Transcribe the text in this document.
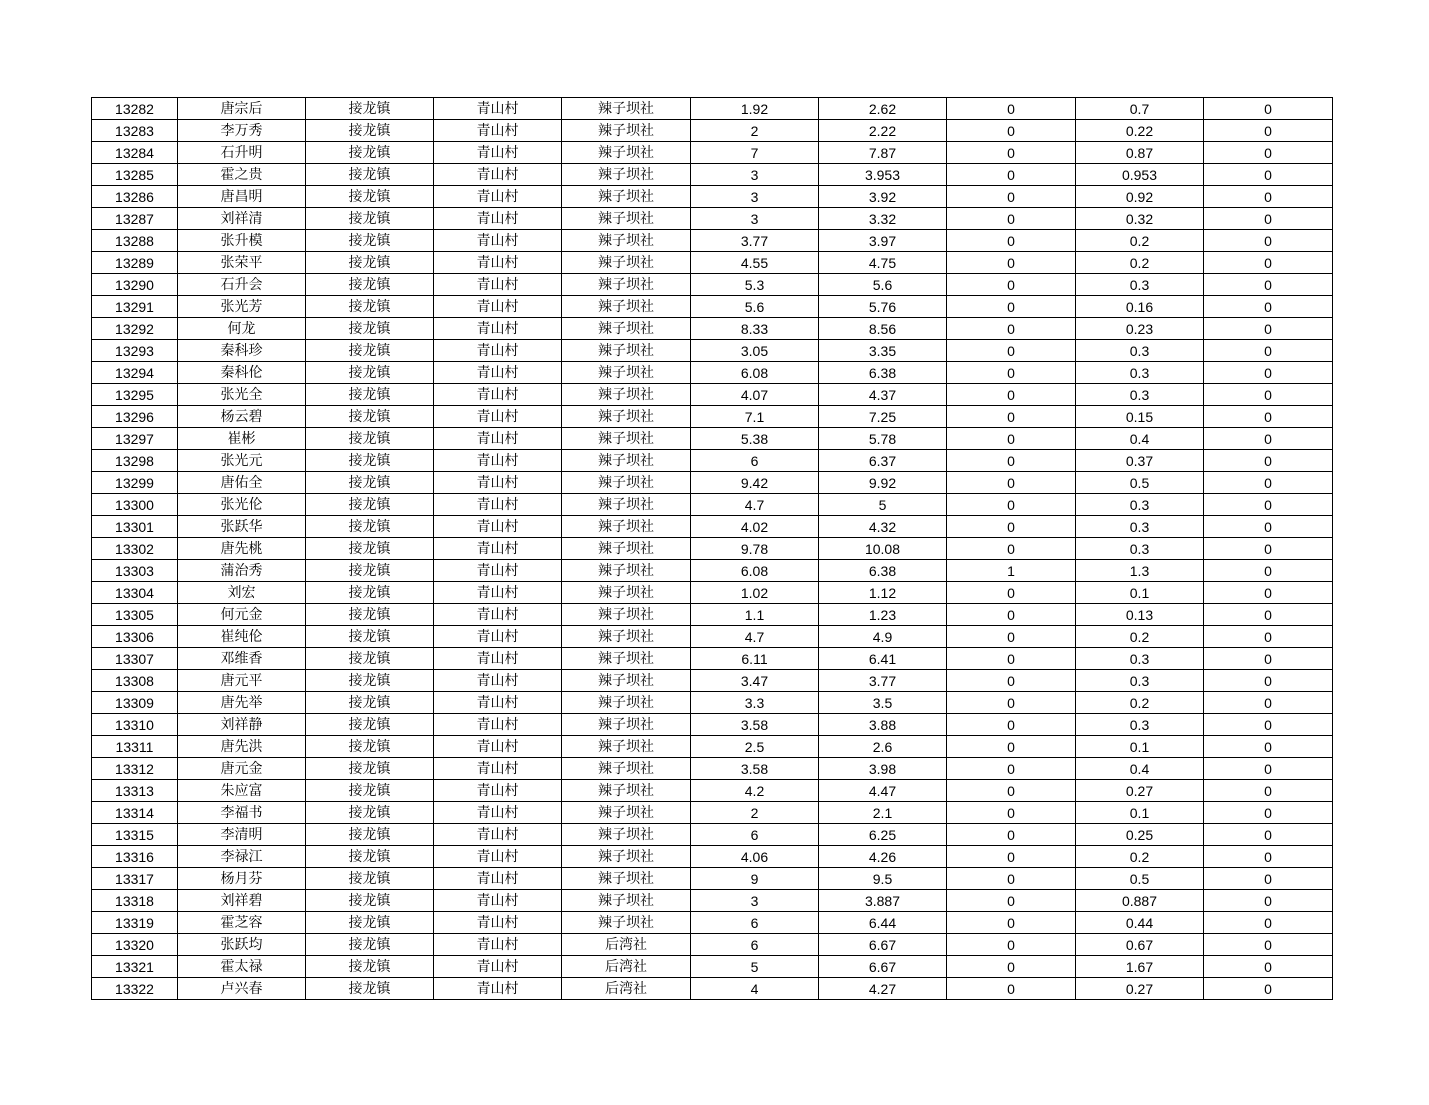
13282	唐宗后	接龙镇	青山村	辣子坝社	1.92	2.62	0	0.7	0
13283	李万秀	接龙镇	青山村	辣子坝社	2	2.22	0	0.22	0
13284	石升明	接龙镇	青山村	辣子坝社	7	7.87	0	0.87	0
13285	霍之贵	接龙镇	青山村	辣子坝社	3	3.953	0	0.953	0
13286	唐昌明	接龙镇	青山村	辣子坝社	3	3.92	0	0.92	0
13287	刘祥清	接龙镇	青山村	辣子坝社	3	3.32	0	0.32	0
13288	张升模	接龙镇	青山村	辣子坝社	3.77	3.97	0	0.2	0
13289	张荣平	接龙镇	青山村	辣子坝社	4.55	4.75	0	0.2	0
13290	石升会	接龙镇	青山村	辣子坝社	5.3	5.6	0	0.3	0
13291	张光芳	接龙镇	青山村	辣子坝社	5.6	5.76	0	0.16	0
13292	何龙	接龙镇	青山村	辣子坝社	8.33	8.56	0	0.23	0
13293	秦科珍	接龙镇	青山村	辣子坝社	3.05	3.35	0	0.3	0
13294	秦科伦	接龙镇	青山村	辣子坝社	6.08	6.38	0	0.3	0
13295	张光全	接龙镇	青山村	辣子坝社	4.07	4.37	0	0.3	0
13296	杨云碧	接龙镇	青山村	辣子坝社	7.1	7.25	0	0.15	0
13297	崔彬	接龙镇	青山村	辣子坝社	5.38	5.78	0	0.4	0
13298	张光元	接龙镇	青山村	辣子坝社	6	6.37	0	0.37	0
13299	唐佑全	接龙镇	青山村	辣子坝社	9.42	9.92	0	0.5	0
13300	张光伦	接龙镇	青山村	辣子坝社	4.7	5	0	0.3	0
13301	张跃华	接龙镇	青山村	辣子坝社	4.02	4.32	0	0.3	0
13302	唐先桃	接龙镇	青山村	辣子坝社	9.78	10.08	0	0.3	0
13303	蒲治秀	接龙镇	青山村	辣子坝社	6.08	6.38	1	1.3	0
13304	刘宏	接龙镇	青山村	辣子坝社	1.02	1.12	0	0.1	0
13305	何元金	接龙镇	青山村	辣子坝社	1.1	1.23	0	0.13	0
13306	崔纯伦	接龙镇	青山村	辣子坝社	4.7	4.9	0	0.2	0
13307	邓维香	接龙镇	青山村	辣子坝社	6.11	6.41	0	0.3	0
13308	唐元平	接龙镇	青山村	辣子坝社	3.47	3.77	0	0.3	0
13309	唐先举	接龙镇	青山村	辣子坝社	3.3	3.5	0	0.2	0
13310	刘祥静	接龙镇	青山村	辣子坝社	3.58	3.88	0	0.3	0
13311	唐先洪	接龙镇	青山村	辣子坝社	2.5	2.6	0	0.1	0
13312	唐元金	接龙镇	青山村	辣子坝社	3.58	3.98	0	0.4	0
13313	朱应富	接龙镇	青山村	辣子坝社	4.2	4.47	0	0.27	0
13314	李福书	接龙镇	青山村	辣子坝社	2	2.1	0	0.1	0
13315	李清明	接龙镇	青山村	辣子坝社	6	6.25	0	0.25	0
13316	李禄江	接龙镇	青山村	辣子坝社	4.06	4.26	0	0.2	0
13317	杨月芬	接龙镇	青山村	辣子坝社	9	9.5	0	0.5	0
13318	刘祥碧	接龙镇	青山村	辣子坝社	3	3.887	0	0.887	0
13319	霍芝容	接龙镇	青山村	辣子坝社	6	6.44	0	0.44	0
13320	张跃均	接龙镇	青山村	后湾社	6	6.67	0	0.67	0
13321	霍太禄	接龙镇	青山村	后湾社	5	6.67	0	1.67	0
13322	卢兴春	接龙镇	青山村	后湾社	4	4.27	0	0.27	0
